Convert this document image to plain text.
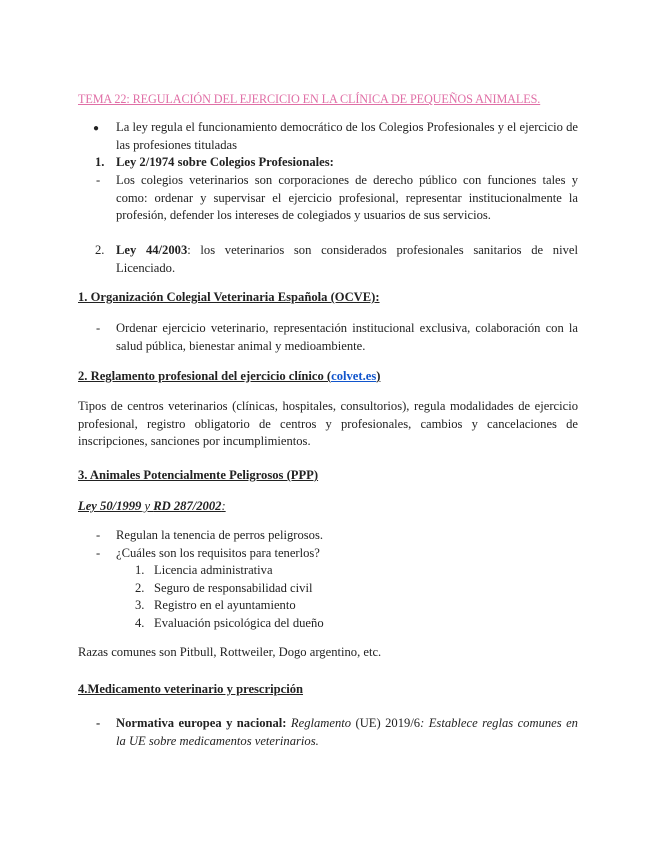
TEMA 22: REGULACIÓN DEL EJERCICIO EN LA CLÍNICA DE PEQUEÑOS ANIMALES.
● La ley regula el funcionamiento democrático de los Colegios Profesionales y el ejercicio de las profesiones tituladas
1. Ley 2/1974 sobre Colegios Profesionales:
- Los colegios veterinarios son corporaciones de derecho público con funciones tales y como: ordenar y supervisar el ejercicio profesional, representar institucionalmente la profesión, defender los intereses de colegiados y usuarios de sus servicios.
2. Ley 44/2003: los veterinarios son considerados profesionales sanitarios de nivel Licenciado.
1. Organización Colegial Veterinaria Española (OCVE):
- Ordenar ejercicio veterinario, representación institucional exclusiva, colaboración con la salud pública, bienestar animal y medioambiente.
2. Reglamento profesional del ejercicio clínico (colvet.es)
Tipos de centros veterinarios (clínicas, hospitales, consultorios), regula modalidades de ejercicio profesional, registro obligatorio de centros y profesionales, cambios y cancelaciones de inscripciones, sanciones por incumplimientos.
3. Animales Potencialmente Peligrosos (PPP)
Ley 50/1999 y RD 287/2002:
- Regulan la tenencia de perros peligrosos.
- ¿Cuáles son los requisitos para tenerlos?
1. Licencia administrativa
2. Seguro de responsabilidad civil
3. Registro en el ayuntamiento
4. Evaluación psicológica del dueño
Razas comunes son Pitbull, Rottweiler, Dogo argentino, etc.
4.Medicamento veterinario y prescripción
- Normativa europea y nacional: Reglamento (UE) 2019/6: Establece reglas comunes en la UE sobre medicamentos veterinarios.
